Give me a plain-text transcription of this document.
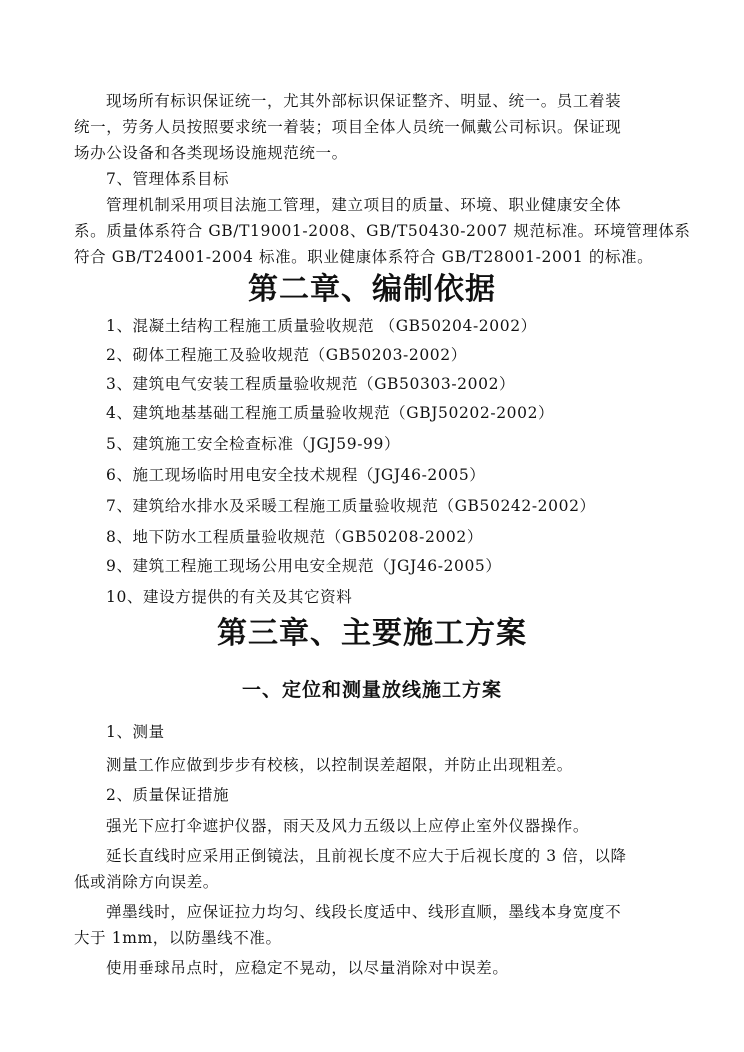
现场所有标识保证统一，尤其外部标识保证整齐、明显、统一。员工着装

统一，劳务人员按照要求统一着装；项目全体人员统一佩戴公司标识。保证现

场办公设备和各类现场设施规范统一。

7、管理体系目标

管理机制采用项目法施工管理，建立项目的质量、环境、职业健康安全体

系。质量体系符合 GB/T19001-2008、GB/T50430-2007 规范标准。环境管理体系

符合 GB/T24001-2004 标准。职业健康体系符合 GB/T28001-2001 的标准。

第二章、编制依据

1、混凝土结构工程施工质量验收规范 （GB50204-2002）

2、砌体工程施工及验收规范（GB50203-2002）

3、建筑电气安装工程质量验收规范（GB50303-2002）

4、建筑地基基础工程施工质量验收规范（GBJ50202-2002）

5、建筑施工安全检查标准（JGJ59-99）

6、施工现场临时用电安全技术规程（JGJ46-2005）

7、建筑给水排水及采暖工程施工质量验收规范（GB50242-2002）

8、地下防水工程质量验收规范（GB50208-2002）

9、建筑工程施工现场公用电安全规范（JGJ46-2005）

10、建设方提供的有关及其它资料

第三章、主要施工方案
一、定位和测量放线施工方案

1、测量

测量工作应做到步步有校核，以控制误差超限，并防止出现粗差。

2、质量保证措施

强光下应打伞遮护仪器，雨天及风力五级以上应停止室外仪器操作。

延长直线时应采用正倒镜法，且前视长度不应大于后视长度的 3 倍，以降

低或消除方向误差。

弹墨线时，应保证拉力均匀、线段长度适中、线形直顺，墨线本身宽度不

大于 1mm，以防墨线不准。

使用垂球吊点时，应稳定不晃动，以尽量消除对中误差。
